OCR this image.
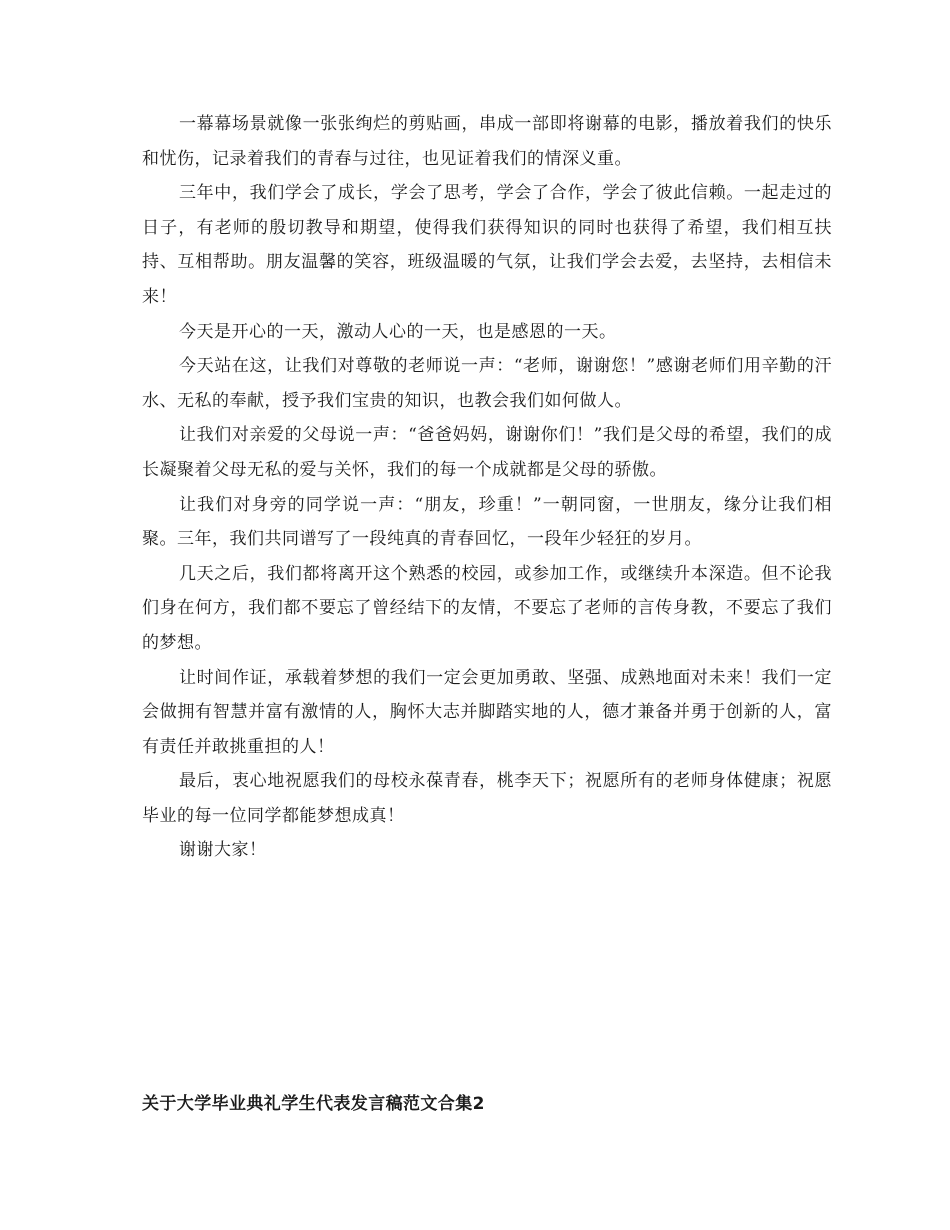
一幕幕场景就像一张张绚烂的剪贴画，串成一部即将谢幕的电影，播放着我们的快乐和忧伤，记录着我们的青春与过往，也见证着我们的情深义重。

三年中，我们学会了成长，学会了思考，学会了合作，学会了彼此信赖。一起走过的日子，有老师的殷切教导和期望，使得我们获得知识的同时也获得了希望，我们相互扶持、互相帮助。朋友温馨的笑容，班级温暖的气氛，让我们学会去爱，去坚持，去相信未来！

今天是开心的一天，激动人心的一天，也是感恩的一天。

今天站在这，让我们对尊敬的老师说一声：“老师，谢谢您！”感谢老师们用辛勤的汗水、无私的奉献，授予我们宝贵的知识，也教会我们如何做人。

让我们对亲爱的父母说一声：“爸爸妈妈，谢谢你们！”我们是父母的希望，我们的成长凝聚着父母无私的爱与关怀，我们的每一个成就都是父母的骄傲。

让我们对身旁的同学说一声：“朋友，珍重！”一朝同窗，一世朋友，缘分让我们相聚。三年，我们共同谱写了一段纯真的青春回忆，一段年少轻狂的岁月。

几天之后，我们都将离开这个熟悉的校园，或参加工作，或继续升本深造。但不论我们身在何方，我们都不要忘了曾经结下的友情，不要忘了老师的言传身教，不要忘了我们的梦想。

让时间作证，承载着梦想的我们一定会更加勇敢、坚强、成熟地面对未来！我们一定会做拥有智慧并富有激情的人，胸怀大志并脚踏实地的人，德才兼备并勇于创新的人，富有责任并敢挑重担的人！

最后，衷心地祝愿我们的母校永葆青春，桃李天下；祝愿所有的老师身体健康；祝愿毕业的每一位同学都能梦想成真！

谢谢大家！

关于大学毕业典礼学生代表发言稿范文合集2
